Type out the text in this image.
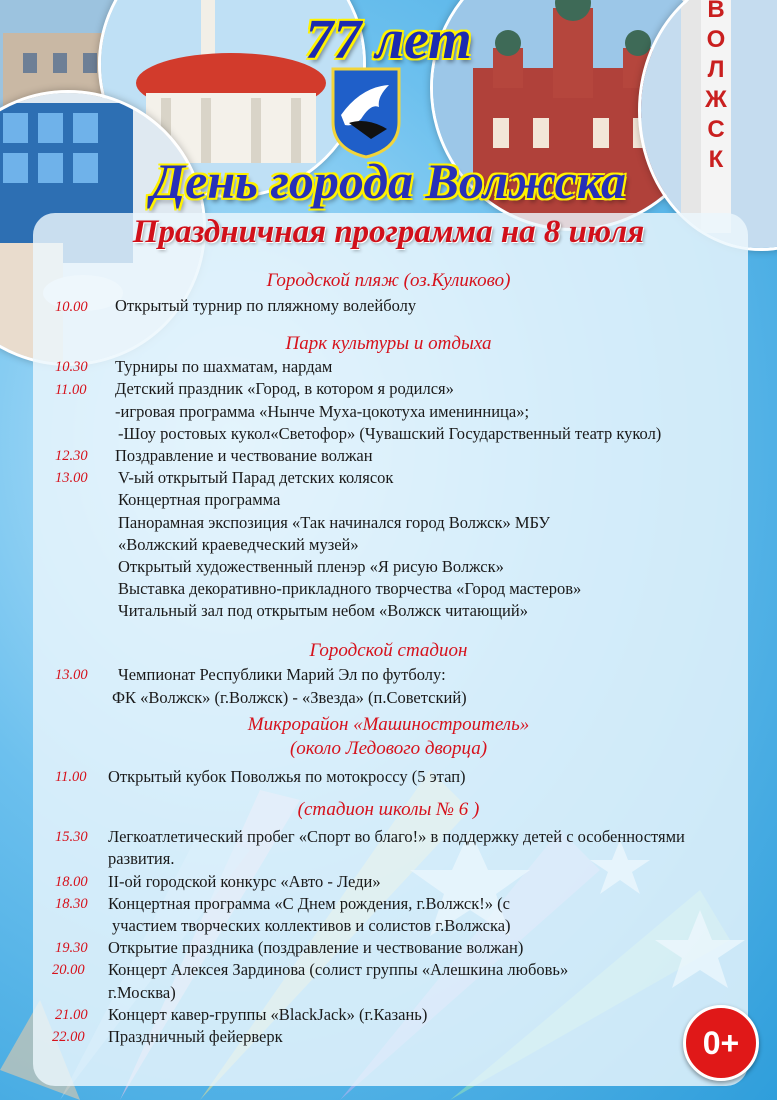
ВОЛЖСК
77 лет
День города Волжска
Праздничная программа на 8 июля
Городской пляж (оз.Куликово)
Парк культуры и отдыха
Городской стадион
Микрорайон «Машиностроитель»
(около Ледового дворца)
(стадион школы № 6 )
10.00
10.30
11.00
12.30
13.00
13.00
11.00
15.30
18.00
18.30
19.30
20.00
21.00
22.00
Открытый турнир по пляжному волейболу
Турниры по шахматам, нардам
Детский праздник «Город, в котором я родился»
-игровая программа «Нынче Муха-цокотуха именинница»;
-Шоу ростовых кукол«Светофор» (Чувашский Государственный театр кукол)
Поздравление и чествование волжан
V-ый открытый Парад детских колясок
Концертная программа
Панорамная экспозиция «Так начинался город Волжск» МБУ
«Волжский краеведческий музей»
Открытый художественный пленэр «Я рисую Волжск»
Выставка декоративно-прикладного творчества «Город мастеров»
Читальный зал под открытым небом «Волжск читающий»
Чемпионат Республики Марий Эл по футболу:
ФК «Волжск» (г.Волжск) - «Звезда» (п.Советский)
Открытый кубок Поволжья по мотокроссу (5 этап)
Легкоатлетический пробег «Спорт во благо!» в поддержку детей с особенностями
развития.
II-ой городской конкурс «Авто - Леди»
Концертная программа «С Днем рождения, г.Волжск!» (с
участием творческих коллективов и солистов г.Волжска)
Открытие праздника (поздравление и чествование волжан)
Концерт Алексея Зардинова (солист группы «Алешкина любовь»
г.Москва)
Концерт кавер-группы «BlackJack» (г.Казань)
Праздничный фейерверк	0+
